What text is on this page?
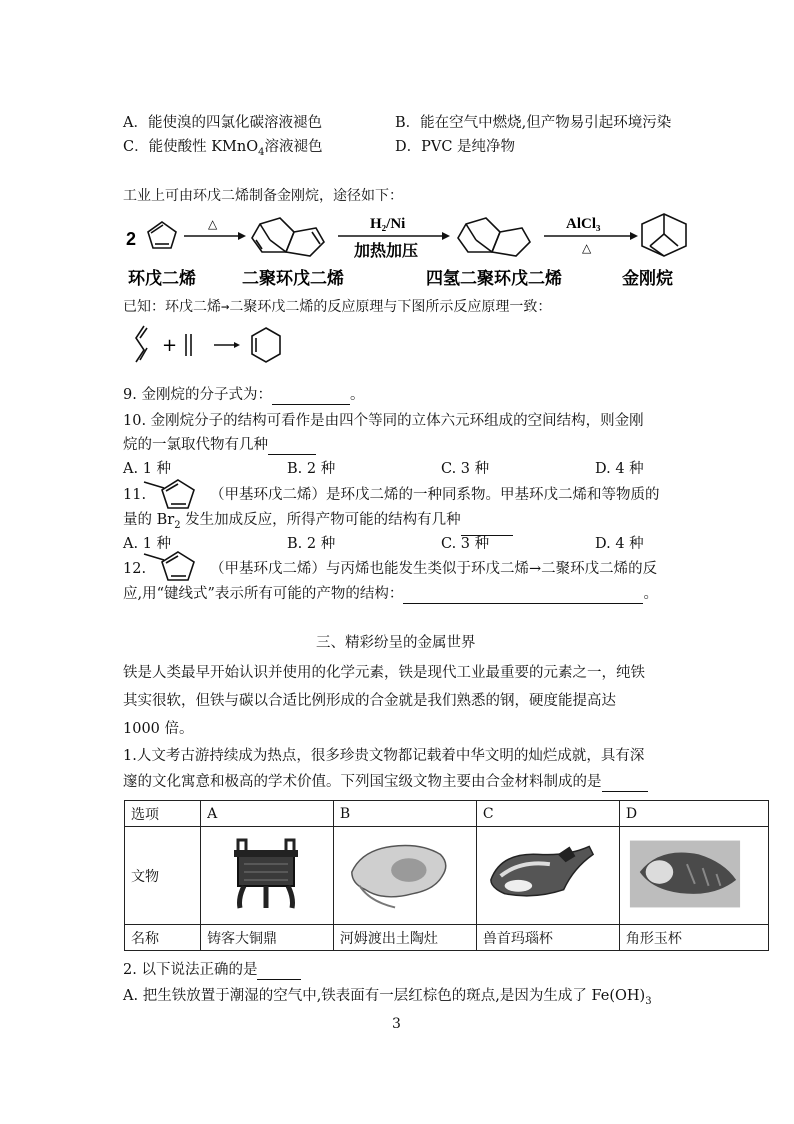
A．能使溴的四氯化碳溶液褪色	B．能在空气中燃烧,但产物易引起环境污染
C．能使酸性 KMnO$_4$溶液褪色	D．PVC 是纯净物
工业上可由环戊二烯制备金刚烷，途径如下：
2
△	H₂/Ni
加热加压
AlCl₃
△
环戊二烯	二聚环戊二烯	四氢二聚环戊二烯	金刚烷
已知：环戊二烯→二聚环戊二烯的反应原理与下图所示反应原理一致：
+
9. 金刚烷的分子式为：	。
10. 金刚烷分子的结构可看作是由四个等同的立体六元环组成的空间结构，则金刚
烷的一氯取代物有几种
A. 1 种	B. 2 种	C. 3 种	D. 4 种
11.	（甲基环戊二烯）是环戊二烯的一种同系物。甲基环戊二烯和等物质的
量的 $Br_2$ 发生加成反应，所得产物可能的结构有几种
A. 1 种	B. 2 种	C. 3 种	D. 4 种
12.	（甲基环戊二烯）与丙烯也能发生类似于环戊二烯→二聚环戊二烯的反
应,用“键线式”表示所有可能的产物的结构：	。
三、精彩纷呈的金属世界
铁是人类最早开始认识并使用的化学元素，铁是现代工业最重要的元素之一，纯铁
其实很软，但铁与碳以合适比例形成的合金就是我们熟悉的钢，硬度能提高达
1000 倍。
1.人文考古游持续成为热点，很多珍贵文物都记载着中华文明的灿烂成就，具有深
邃的文化寓意和极高的学术价值。下列国宝级文物主要由合金材料制成的是
选项	A	B	C	D
文物				
名称	铸客大铜鼎	河姆渡出土陶灶	兽首玛瑙杯	角形玉杯
2. 以下说法正确的是
A. 把生铁放置于潮湿的空气中,铁表面有一层红棕色的斑点,是因为生成了 $Fe(OH)_3$
3
